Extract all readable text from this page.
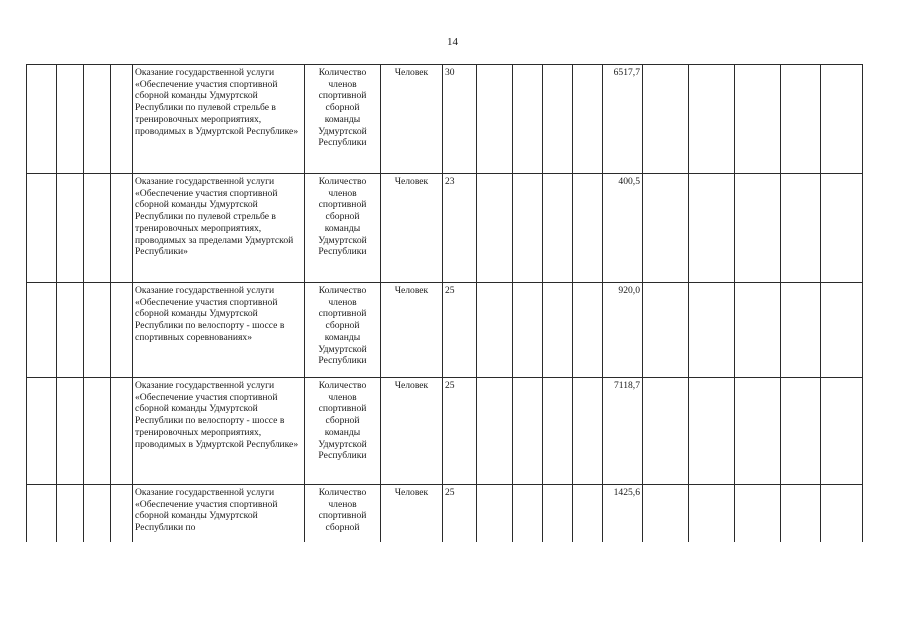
14
				Оказание государственной услуги «Обеспечение участия спортивной сборной команды Удмуртской Республики по пулевой стрельбе в тренировочных мероприятиях, проводимых в Удмуртской Республике»	Количество членов спортивной сборной команды Удмуртской Республики	Человек	30					6517,7					
				Оказание государственной услуги «Обеспечение участия спортивной сборной команды Удмуртской Республики по пулевой стрельбе в тренировочных мероприятиях, проводимых за пределами Удмуртской Республики»	Количество членов спортивной сборной команды Удмуртской Республики	Человек	23					400,5					
				Оказание государственной услуги «Обеспечение участия спортивной сборной команды Удмуртской Республики по велоспорту - шоссе в спортивных соревнованиях»	Количество членов спортивной сборной команды Удмуртской Республики	Человек	25					920,0					
				Оказание государственной услуги «Обеспечение участия спортивной сборной команды Удмуртской Республики по велоспорту - шоссе в тренировочных мероприятиях, проводимых в Удмуртской Республике»	Количество членов спортивной сборной команды Удмуртской Республики	Человек	25					7118,7					
				Оказание государственной услуги «Обеспечение участия спортивной сборной команды Удмуртской Республики по	Количество членов спортивной сборной	Человек	25					1425,6					
